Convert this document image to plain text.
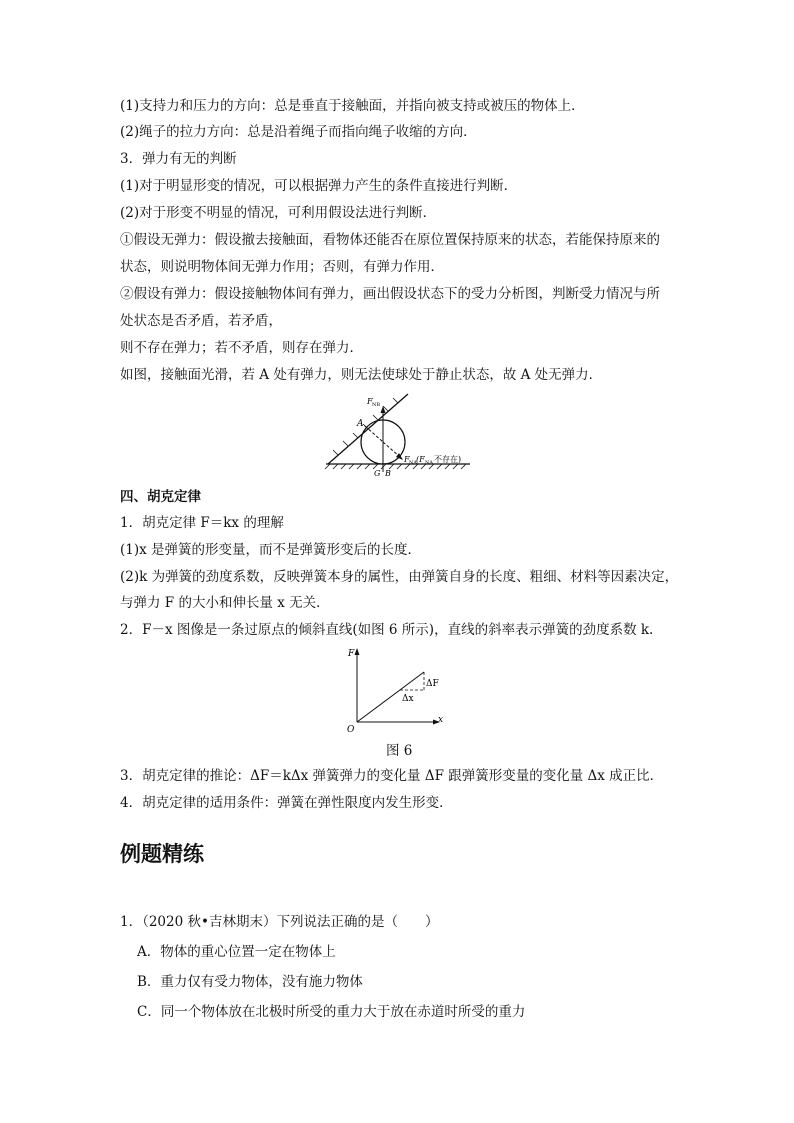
(1)支持力和压力的方向：总是垂直于接触面，并指向被支持或被压的物体上．
(2)绳子的拉力方向：总是沿着绳子而指向绳子收缩的方向．
3．弹力有无的判断
(1)对于明显形变的情况，可以根据弹力产生的条件直接进行判断．
(2)对于形变不明显的情况，可利用假设法进行判断．
①假设无弹力：假设撤去接触面，看物体还能否在原位置保持原来的状态，若能保持原来的
状态，则说明物体间无弹力作用；否则，有弹力作用．
②假设有弹力：假设接触物体间有弹力，画出假设状态下的受力分析图，判断受力情况与所
处状态是否矛盾，若矛盾，
则不存在弹力；若不矛盾，则存在弹力．
如图，接触面光滑，若 A 处有弹力，则无法使球处于静止状态，故 A 处无弹力．
F NB
A
F NA (F NA 不存在)
G B
四、胡克定律
1．胡克定律 F＝kx 的理解
(1)x 是弹簧的形变量，而不是弹簧形变后的长度．
(2)k 为弹簧的劲度系数，反映弹簧本身的属性，由弹簧自身的长度、粗细、材料等因素决定，
与弹力 F 的大小和伸长量 x 无关．
2．F－x 图像是一条过原点的倾斜直线(如图 6 所示)，直线的斜率表示弹簧的劲度系数 k.
F
x
O
ΔF
Δx
图 6
3．胡克定律的推论：ΔF＝kΔx 弹簧弹力的变化量 ΔF 跟弹簧形变量的变化量 Δx 成正比．
4．胡克定律的适用条件：弹簧在弹性限度内发生形变．
例题精练
1．（2020 秋•吉林期末）下列说法正确的是（　　）
A．物体的重心位置一定在物体上
B．重力仅有受力物体，没有施力物体
C．同一个物体放在北极时所受的重力大于放在赤道时所受的重力
